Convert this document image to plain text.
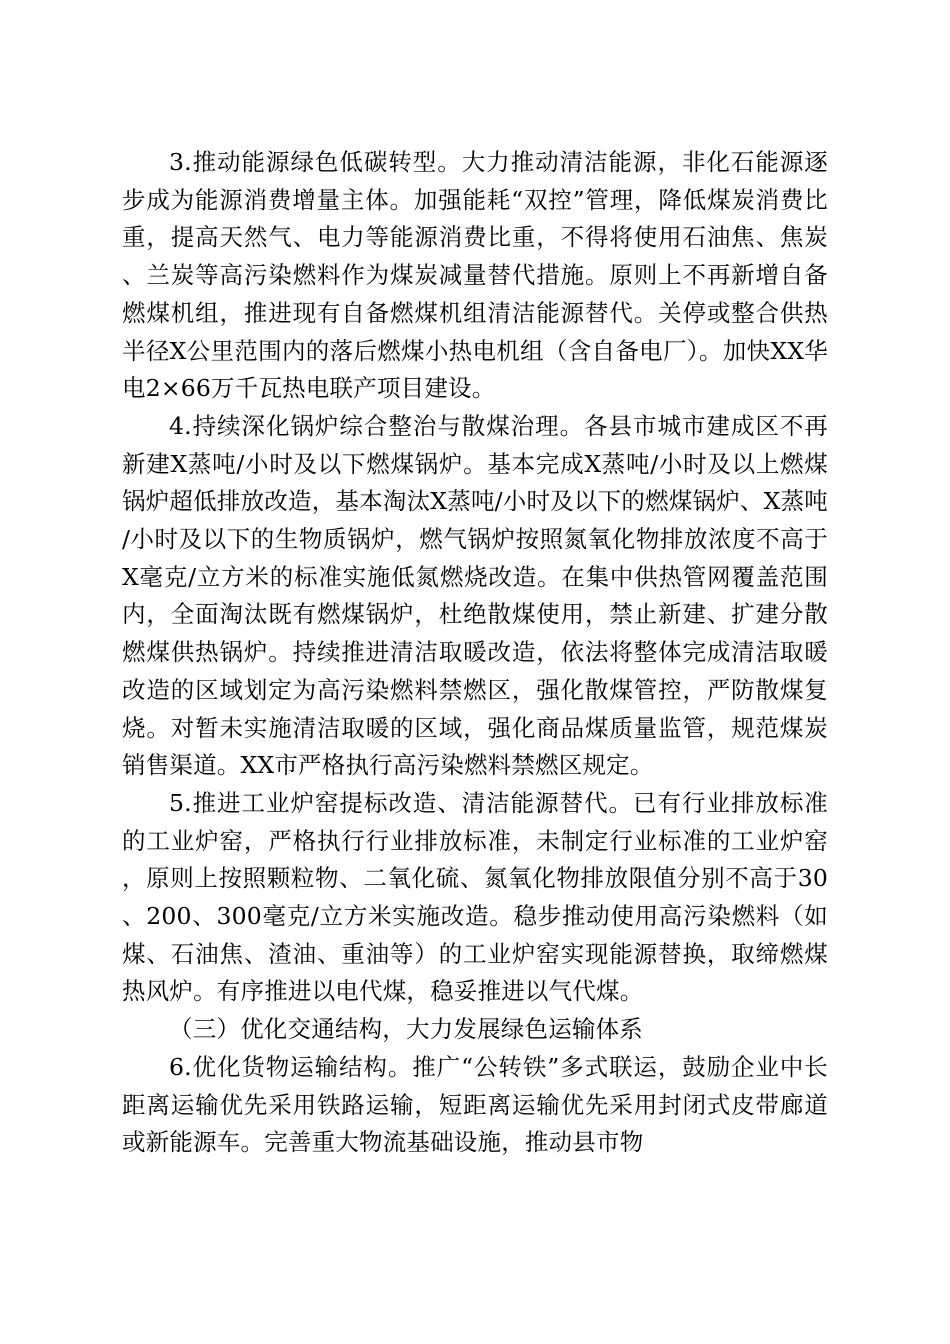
3.推动能源绿色低碳转型。大力推动清洁能源，非化石能源逐步成为能源消费增量主体。加强能耗“双控”管理，降低煤炭消费比重，提高天然气、电力等能源消费比重，不得将使用石油焦、焦炭、兰炭等高污染燃料作为煤炭减量替代措施。原则上不再新增自备燃煤机组，推进现有自备燃煤机组清洁能源替代。关停或整合供热半径X公里范围内的落后燃煤小热电机组（含自备电厂）。加快XX华电2×66万千瓦热电联产项目建设。

4.持续深化锅炉综合整治与散煤治理。各县市城市建成区不再新建X蒸吨/小时及以下燃煤锅炉。基本完成X蒸吨/小时及以上燃煤锅炉超低排放改造，基本淘汰X蒸吨/小时及以下的燃煤锅炉、X蒸吨/小时及以下的生物质锅炉，燃气锅炉按照氮氧化物排放浓度不高于X毫克/立方米的标准实施低氮燃烧改造。在集中供热管网覆盖范围内，全面淘汰既有燃煤锅炉，杜绝散煤使用，禁止新建、扩建分散燃煤供热锅炉。持续推进清洁取暖改造，依法将整体完成清洁取暖改造的区域划定为高污染燃料禁燃区，强化散煤管控，严防散煤复烧。对暂未实施清洁取暖的区域，强化商品煤质量监管，规范煤炭销售渠道。XX市严格执行高污染燃料禁燃区规定。

5.推进工业炉窑提标改造、清洁能源替代。已有行业排放标准的工业炉窑，严格执行行业排放标准，未制定行业标准的工业炉窑，原则上按照颗粒物、二氧化硫、氮氧化物排放限值分别不高于30、200、300毫克/立方米实施改造。稳步推动使用高污染燃料（如煤、石油焦、渣油、重油等）的工业炉窑实现能源替换，取缔燃煤热风炉。有序推进以电代煤，稳妥推进以气代煤。

（三）优化交通结构，大力发展绿色运输体系

6.优化货物运输结构。推广“公转铁”多式联运，鼓励企业中长距离运输优先采用铁路运输，短距离运输优先采用封闭式皮带廊道或新能源车。完善重大物流基础设施，推动县市物
